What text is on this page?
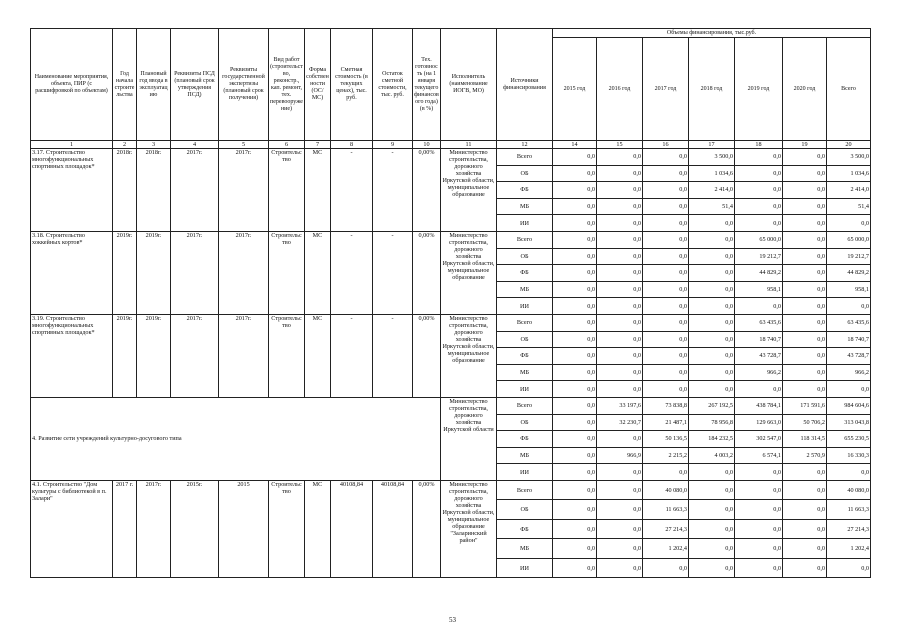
Наименование мероприятия, объекта, ПИР (с расшифровкой по объектам)	Год начала строительства	Плановый год ввода в эксплуатацию	Реквизиты ПСД (плановый срок утверждения ПСД)	Реквизиты государственной экспертизы (плановый срок получения)	Вид работ (строительство, реконстр., кап. ремонт, тех. перевооружение)	Форма собственности (ОС/МС)	Сметная стоимость (в текущих ценах), тыс. руб.	Остаток сметной стоимости, тыс. руб.	Тех. готовность (на 1 января текущего финансового года) (в %)	Исполнитель (наименование ИОГВ, МО)	Источники финансирования	Объемы финансирования, тыс.руб.						
												2015 год	2016 год	2017 год	2018 год	2019 год	2020 год	Всего
1	2	3	4	5	6	7	8	9	10	11	12	14	15	16	17	18	19	20
3.17. Строительство многофункциональных спортивных площадок*	2018г.	2018г.	2017г.	2017г.	Строительство	МС	-	-	0,00%	Министерство строительства, дорожного хозяйства Иркутской области, муниципальное образование	Всего	0,0	0,0	0,0	3 500,0	0,0	0,0	3 500,0
											ОБ	0,0	0,0	0,0	1 034,6	0,0	0,0	1 034,6
											ФБ	0,0	0,0	0,0	2 414,0	0,0	0,0	2 414,0
											МБ	0,0	0,0	0,0	51,4	0,0	0,0	51,4
											ИИ	0,0	0,0	0,0	0,0	0,0	0,0	0,0
3.18. Строительство хоккейных кортов*	2019г.	2019г.	2017г.	2017г.	Строительство	МС	-	-	0,00%	Министерство строительства, дорожного хозяйства Иркутской области, муниципальное образование	Всего	0,0	0,0	0,0	0,0	65 000,0	0,0	65 000,0
											ОБ	0,0	0,0	0,0	0,0	19 212,7	0,0	19 212,7
											ФБ	0,0	0,0	0,0	0,0	44 829,2	0,0	44 829,2
											МБ	0,0	0,0	0,0	0,0	958,1	0,0	958,1
											ИИ	0,0	0,0	0,0	0,0	0,0	0,0	0,0
3.19. Строительство многофункциональных спортивных площадок*	2019г.	2019г.	2017г.	2017г.	Строительство	МС	-	-	0,00%	Министерство строительства, дорожного хозяйства Иркутской области, муниципальное образование	Всего	0,0	0,0	0,0	0,0	63 435,6	0,0	63 435,6
											ОБ	0,0	0,0	0,0	0,0	18 740,7	0,0	18 740,7
											ФБ	0,0	0,0	0,0	0,0	43 728,7	0,0	43 728,7
											МБ	0,0	0,0	0,0	0,0	966,2	0,0	966,2
											ИИ	0,0	0,0	0,0	0,0	0,0	0,0	0,0
4. Развитие сети учреждений культурно-досугового типа										Министерство строительства, дорожного хозяйства Иркутской области	Всего	0,0	33 197,6	73 838,8	267 192,5	438 784,1	171 591,6	984 604,6
											ОБ	0,0	32 230,7	21 487,1	78 956,8	129 663,0	50 706,2	313 043,8
											ФБ	0,0	0,0	50 136,5	184 232,5	302 547,0	118 314,5	655 230,5
											МБ	0,0	966,9	2 215,2	4 003,2	6 574,1	2 570,9	16 330,3
											ИИ	0,0	0,0	0,0	0,0	0,0	0,0	0,0
4.1. Строительство "Дом культуры с библиотекой в п. Залари"	2017 г.	2017г.	2015г.	2015	Строительство	МС	40108,84	40108,84	0,00%	Министерство строительства, дорожного хозяйства Иркутской области, муниципальное образование "Заларинский район"	Всего	0,0	0,0	40 080,0	0,0	0,0	0,0	40 080,0
											ОБ	0,0	0,0	11 663,3	0,0	0,0	0,0	11 663,3
											ФБ	0,0	0,0	27 214,3	0,0	0,0	0,0	27 214,3
											МБ	0,0	0,0	1 202,4	0,0	0,0	0,0	1 202,4
											ИИ	0,0	0,0	0,0	0,0	0,0	0,0	0,0
53
